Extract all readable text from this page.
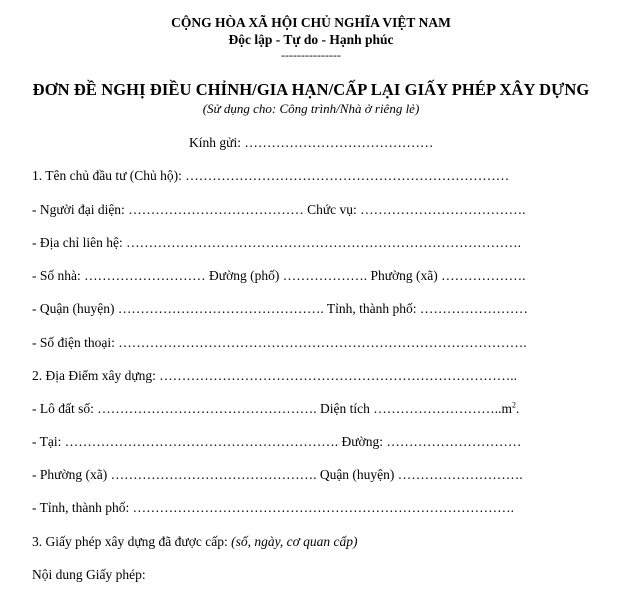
CỘNG HÒA XÃ HỘI CHỦ NGHĨA VIỆT NAM
Độc lập - Tự do - Hạnh phúc
---------------
ĐƠN ĐỀ NGHỊ ĐIỀU CHỈNH/GIA HẠN/CẤP LẠI GIẤY PHÉP XÂY DỰNG
(Sử dụng cho: Công trình/Nhà ở riêng lẻ)
Kính gửi: ……………………………………
1. Tên chủ đầu tư (Chủ hộ): ………………………………………………………………
- Người đại diện: ………………………………… Chức vụ: ……………………………….
- Địa chỉ liên hệ: …………………………………………………………………………….
- Số nhà: ……………………… Đường (phố) ………………. Phường (xã) ……………….
- Quận (huyện) ………………………………………. Tỉnh, thành phố: ……………………
- Số điện thoại: ……………………………………………………………………………….
2. Địa Điểm xây dựng: ……………………………………………………………………..
- Lô đất số: …………………………………………. Diện tích $\dots\dots\dots\dots\dots\dots\dots\dots\dots..m^2$.
- Tại: ……………………………………………………. Đường: …………………………
- Phường (xã) ………………………………………. Quận (huyện) ……………………….
- Tỉnh, thành phố: ………………………………………………………………………….
3. Giấy phép xây dựng đã được cấp: (số, ngày, cơ quan cấp)
Nội dung Giấy phép:
